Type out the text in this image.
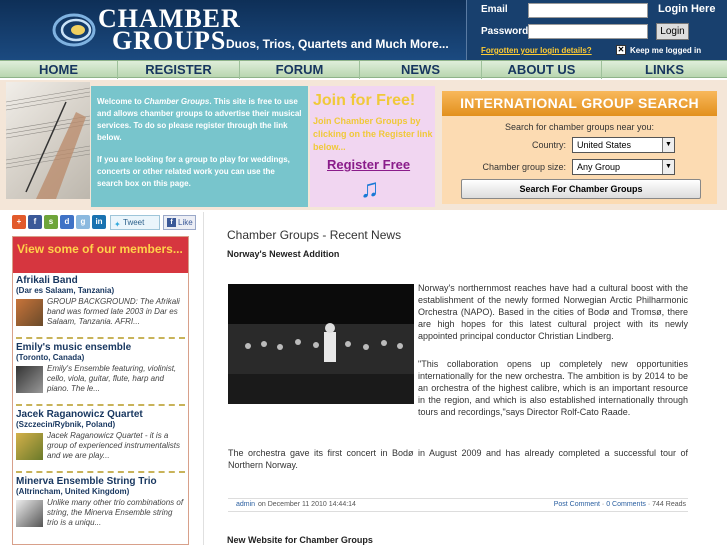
CHAMBER
GROUPS Duos, Trios, Quartets and Much More...
Email
Password
Login Here
Login
Forgotten your login details?	✕ Keep me logged in
HOME	REGISTER	FORUM	NEWS	ABOUT US	LINKS

Welcome to Chamber Groups. This site is free to use and allows chamber groups to advertise their musical services. To do so please register through the link below.

If you are looking for a group to play for weddings, concerts or other related work you can use the search box on this page.

Join for Free!
Join Chamber Groups by clicking on the Register link below...
Register Free
♫
INTERNATIONAL GROUP SEARCH
Search for chamber groups near you:
Country:	United States	▼
Chamber group size:	Any Group	▼
Search For Chamber Groups
+	f	s	d	g	in	✦ Tweet	f Like
View some of our members...
Afrikali Band
(Dar es Salaam, Tanzania)
GROUP BACKGROUND: The Afrikali band was formed late 2003 in Dar es Salaam, Tanzania. AFRI...
Emily's music ensemble
(Toronto, Canada)
Emily's Ensemble featuring, violinist, cello, viola, guitar, flute, harp and piano. The le...
Jacek Raganowicz Quartet
(Szczecin/Rybnik, Poland)
Jacek Raganowicz Quartet - it is a group of experienced instrumentalists and we are play...
Minerva Ensemble String Trio
(Altrincham, United Kingdom)
Unlike many other trio combinations of string, the Minerva Ensemble string trio is a uniqu...
Chamber Groups - Recent News
Norway's Newest Addition
Norway's northernmost reaches have had a cultural boost with the establishment of the newly formed Norwegian Arctic Philharmonic Orchestra (NAPO). Based in the cities of Bodø and Tromsø, there are high hopes for this latest cultural project with its newly appointed principal conductor Christian Lindberg.
"This collaboration opens up completely new opportunities internationally for the new orchestra. The ambition is by 2014 to be an orchestra of the highest calibre, which is an important resource in the region, and which is also established internationally through tours and recordings,"says Director Rolf-Cato Raade.
The orchestra gave its first concert in Bodø in August 2009 and has already completed a successful tour of Northern Norway.
admin on December 11 2010 14:44:14	Post Comment · 0 Comments · 744 Reads
New Website for Chamber Groups
